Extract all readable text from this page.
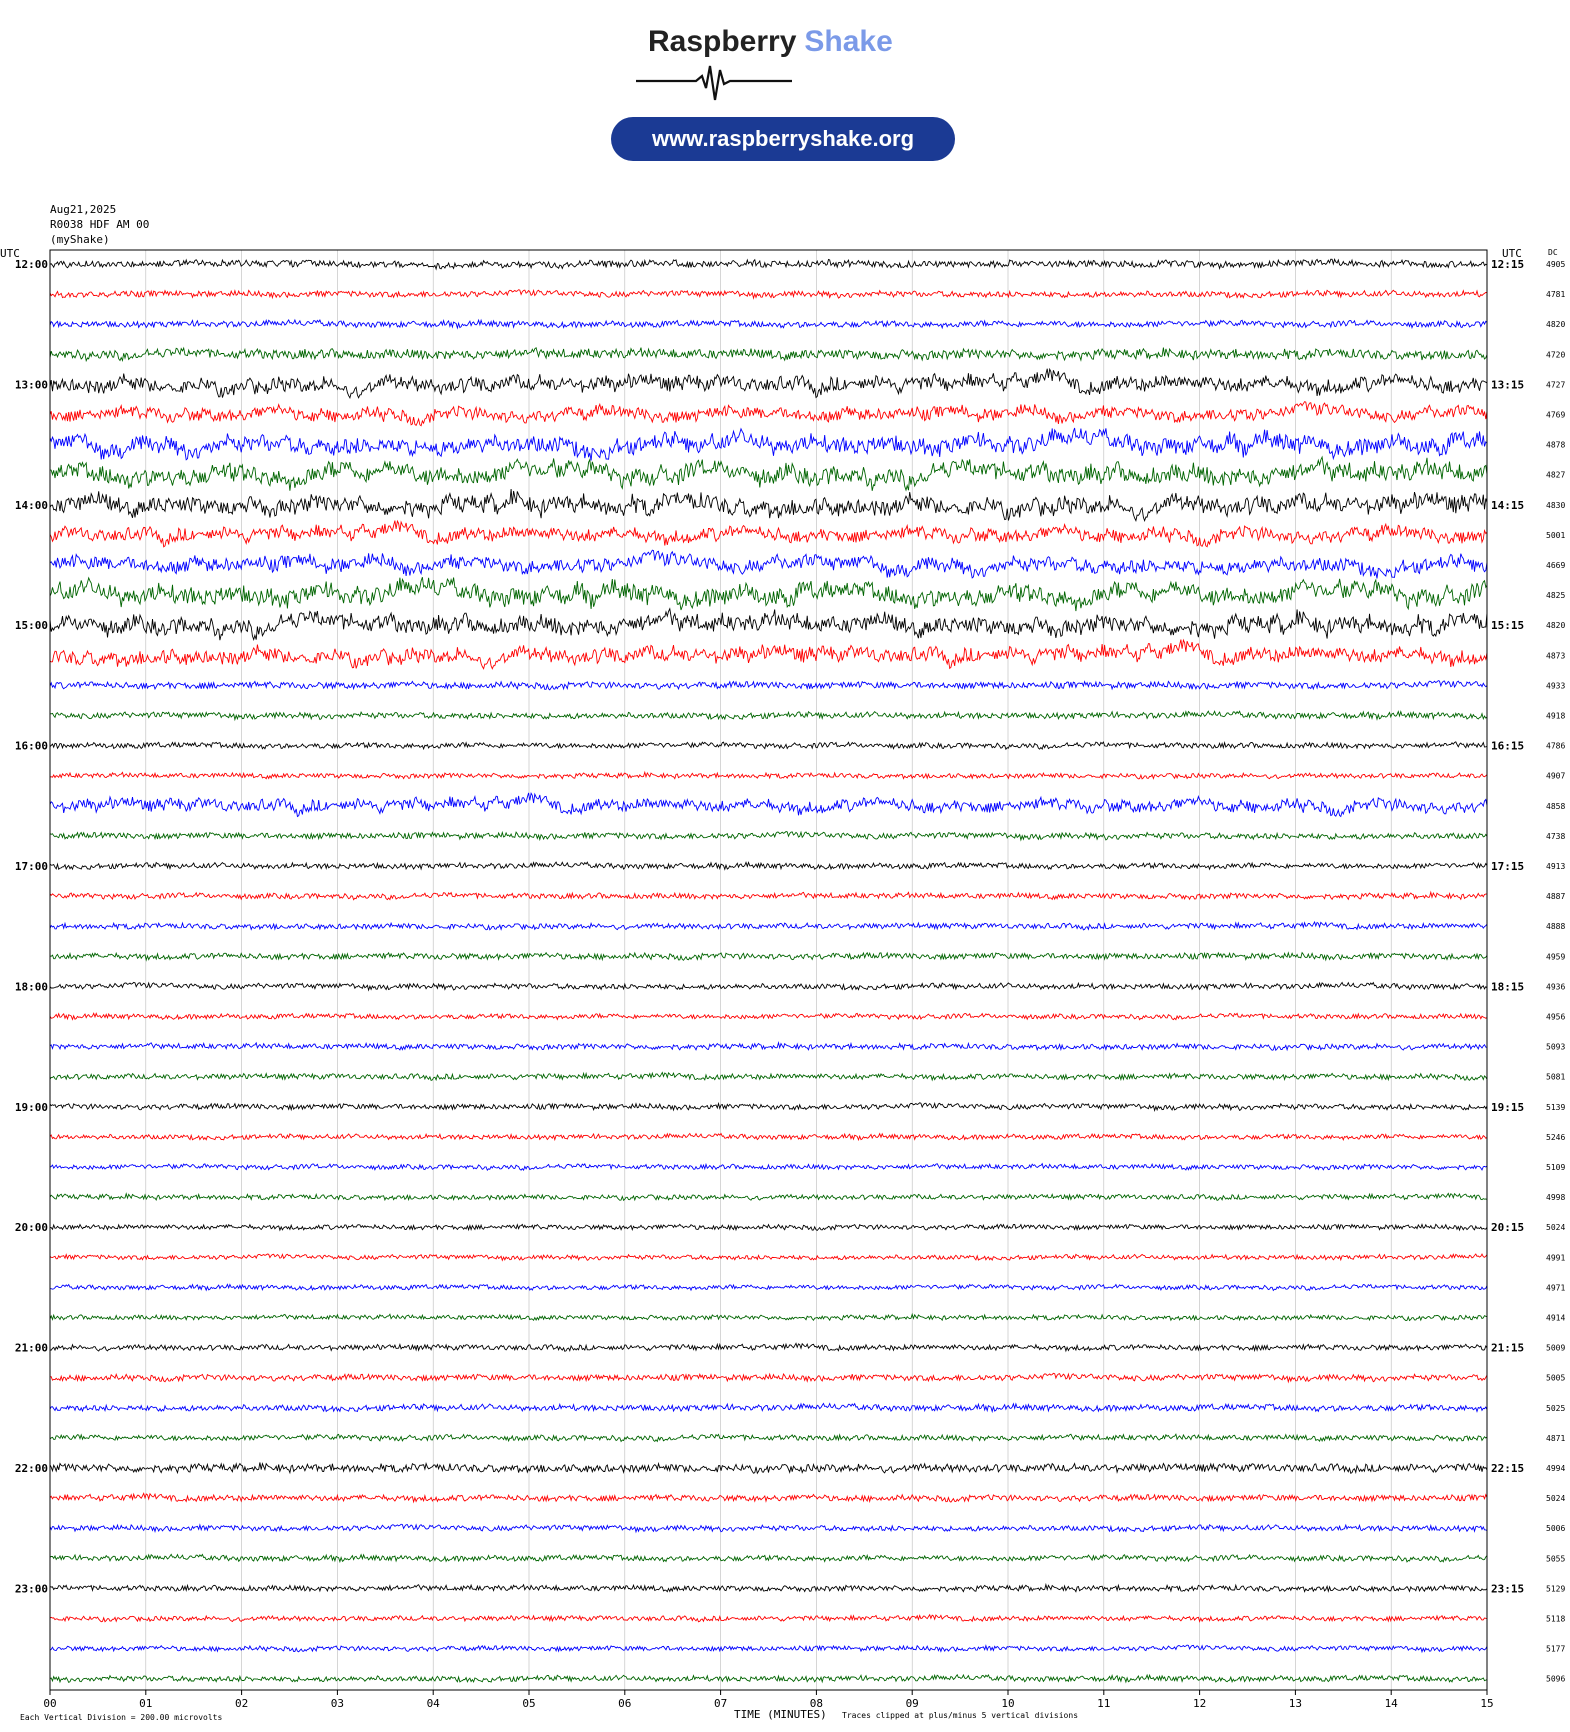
Raspberry Shake
www.raspberryshake.org
00	01	02	03	04	05	06	07	08	09	10	11	12	13	14	15
12:00
13:00
14:00
15:00
16:00
17:00
18:00
19:00
20:00
21:00
22:00
23:00
12:15
13:15
14:15
15:15
16:15
17:15
18:15
19:15
20:15
21:15
22:15
23:15
4905
4781
4820
4720
4727
4769
4878
4827
4830
5001
4669
4825
4820
4873
4933
4918
4786
4907
4858
4738
4913
4887
4888
4959
4936
4956
5093
5081
5139
5246
5109
4998
5024
4991
4971
4914
5009
5005
5025
4871
4994
5024
5006
5055
5129
5118
5177
5096
Aug21,2025
R0038 HDF AM 00
(myShake)
UTC	UTC	DC
Each Vertical Division = 200.00 microvolts	TIME (MINUTES) Traces clipped at plus/minus 5 vertical divisions
